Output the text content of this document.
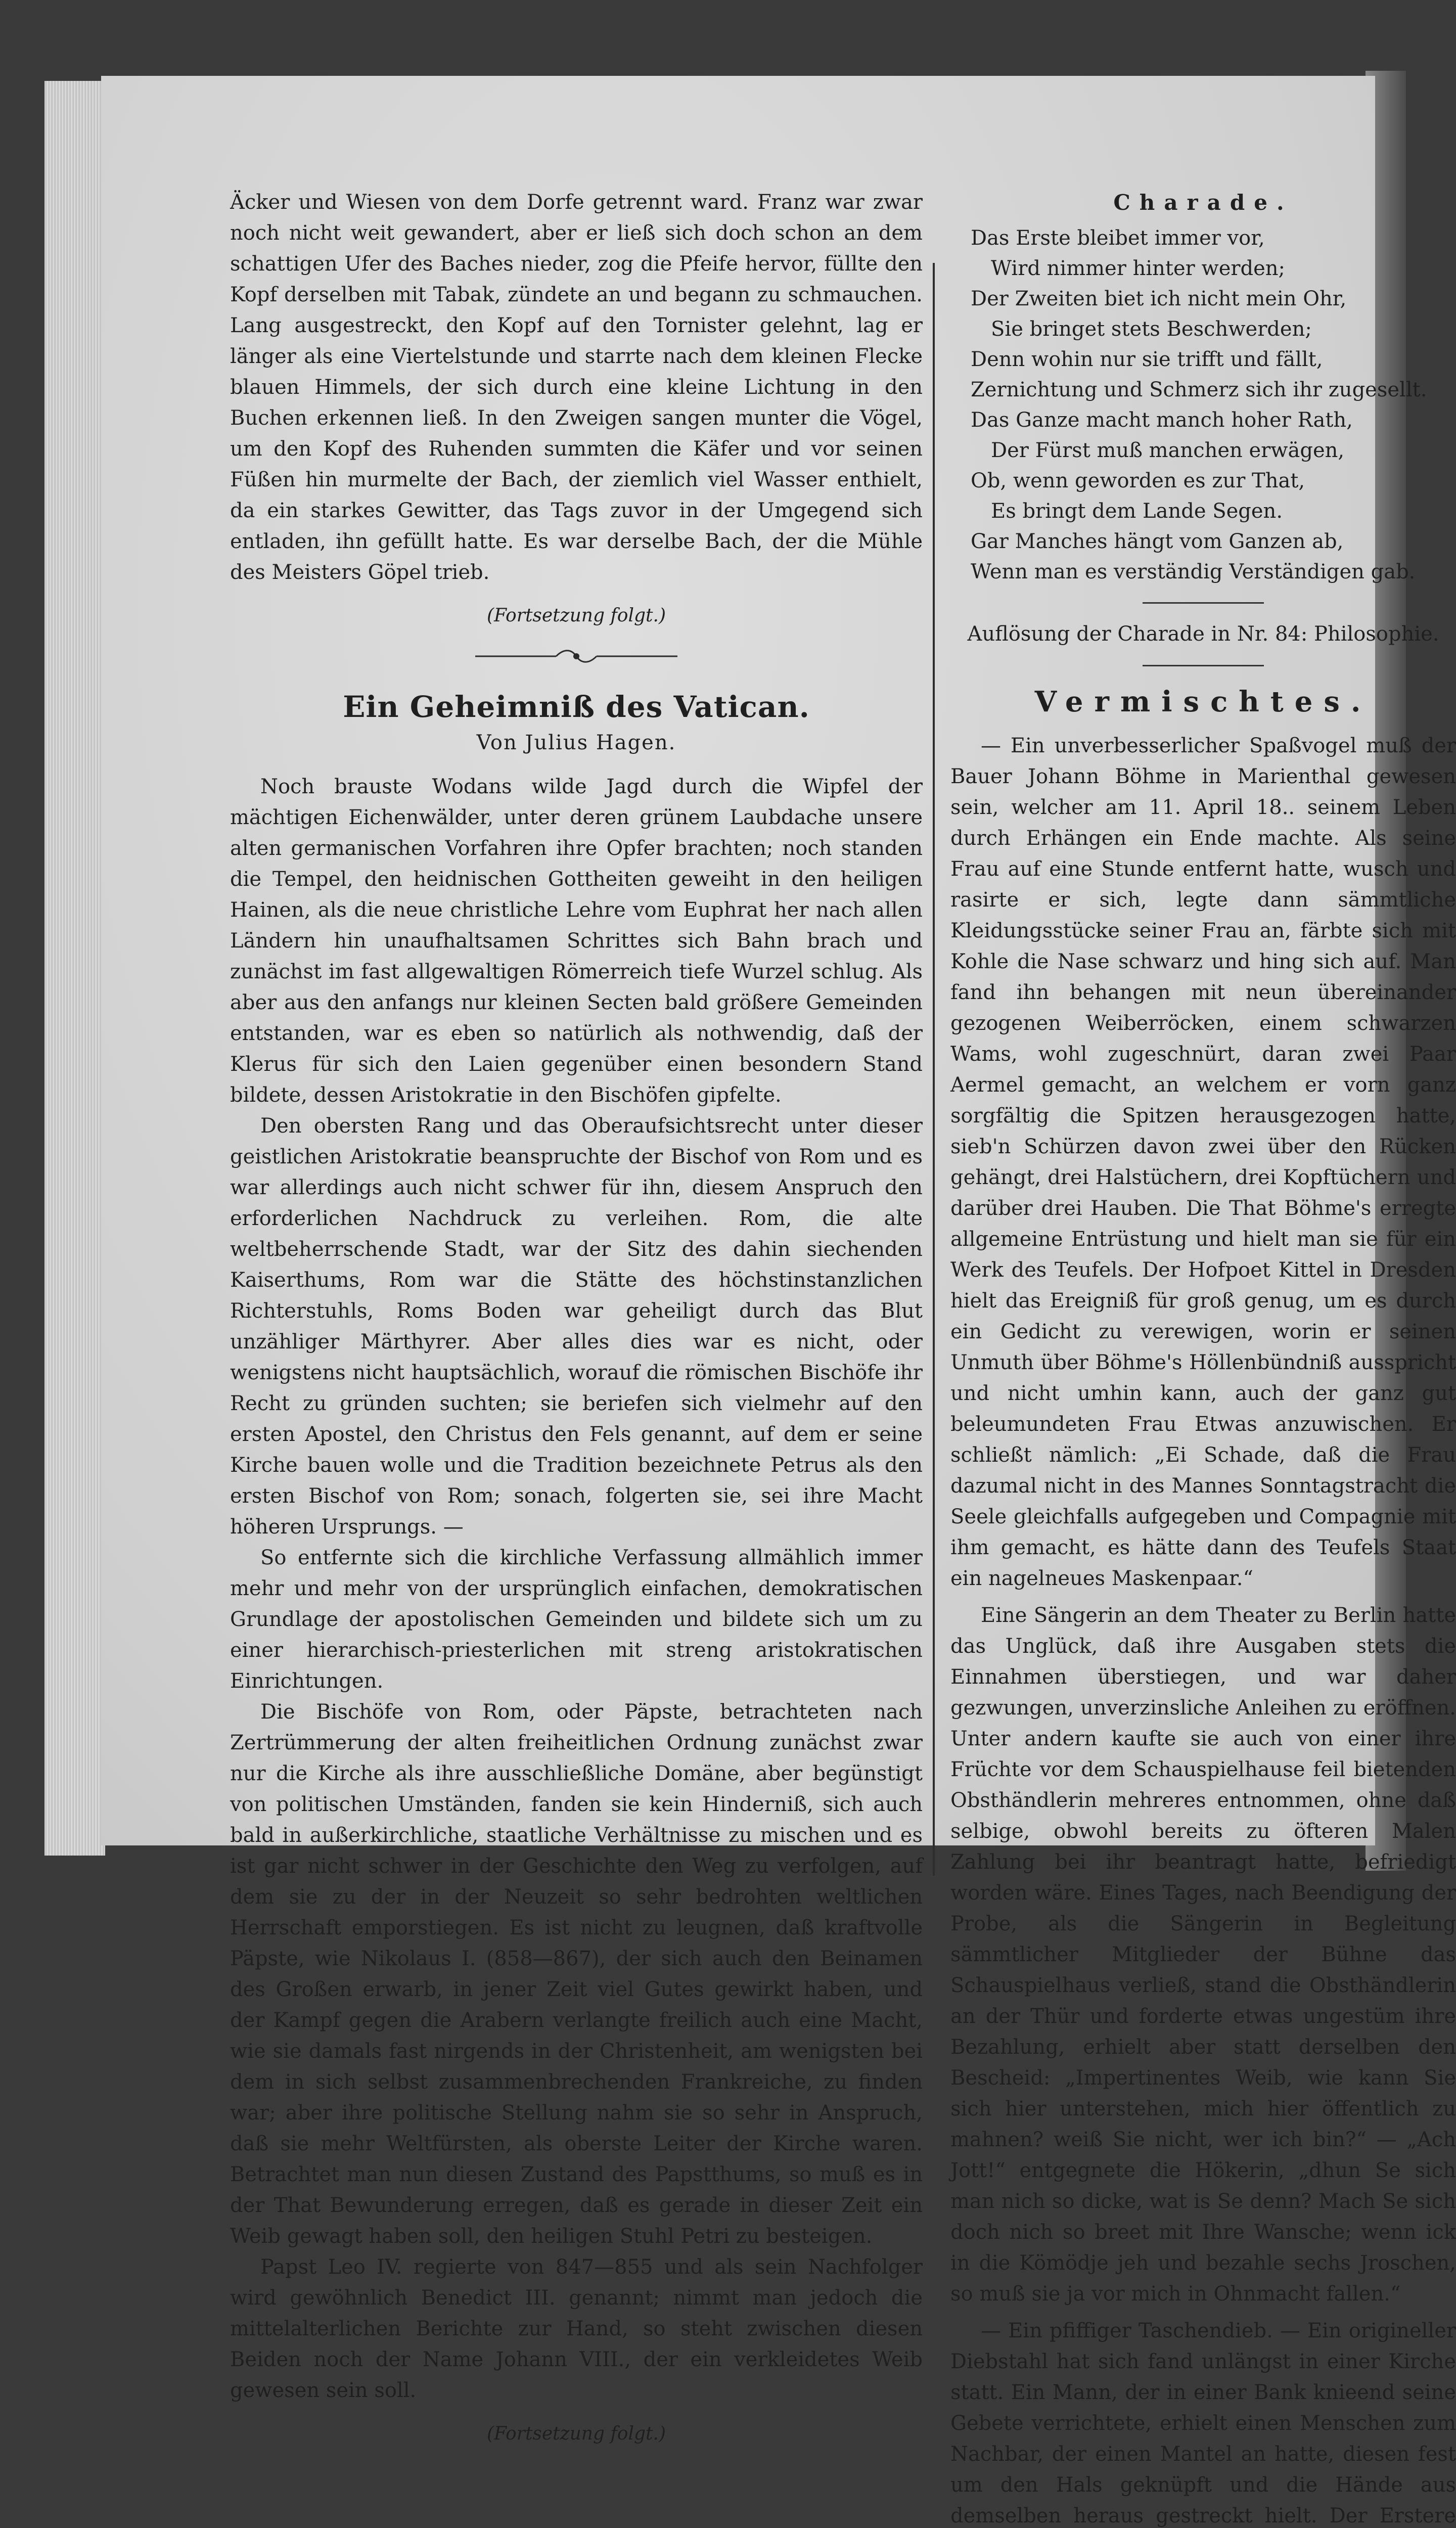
Äcker und Wiesen von dem Dorfe getrennt ward. Franz war zwar noch nicht weit gewandert, aber er ließ sich doch schon an dem schattigen Ufer des Baches nieder, zog die Pfeife hervor, füllte den Kopf derselben mit Tabak, zündete an und begann zu schmauchen. Lang ausgestreckt, den Kopf auf den Tornister gelehnt, lag er länger als eine Viertelstunde und starrte nach dem kleinen Flecke blauen Himmels, der sich durch eine kleine Lichtung in den Buchen erkennen ließ. In den Zweigen sangen munter die Vögel, um den Kopf des Ruhenden summten die Käfer und vor seinen Füßen hin murmelte der Bach, der ziemlich viel Wasser enthielt, da ein starkes Gewitter, das Tags zuvor in der Umgegend sich entladen, ihn gefüllt hatte. Es war derselbe Bach, der die Mühle des Meisters Göpel trieb.

(Fortsetzung folgt.)

Ein Geheimniß des Vatican.

Von Julius Hagen.

Noch brauste Wodans wilde Jagd durch die Wipfel der mächtigen Eichenwälder, unter deren grünem Laubdache unsere alten germanischen Vorfahren ihre Opfer brachten; noch standen die Tempel, den heidnischen Gottheiten geweiht in den heiligen Hainen, als die neue christliche Lehre vom Euphrat her nach allen Ländern hin unaufhaltsamen Schrittes sich Bahn brach und zunächst im fast allgewaltigen Römerreich tiefe Wurzel schlug. Als aber aus den anfangs nur kleinen Secten bald größere Gemeinden entstanden, war es eben so natürlich als nothwendig, daß der Klerus für sich den Laien gegenüber einen besondern Stand bildete, dessen Aristokratie in den Bischöfen gipfelte.

Den obersten Rang und das Oberaufsichtsrecht unter dieser geistlichen Aristokratie beanspruchte der Bischof von Rom und es war allerdings auch nicht schwer für ihn, diesem Anspruch den erforderlichen Nachdruck zu verleihen. Rom, die alte weltbeherrschende Stadt, war der Sitz des dahin siechenden Kaiserthums, Rom war die Stätte des höchstinstanzlichen Richterstuhls, Roms Boden war geheiligt durch das Blut unzähliger Märthyrer. Aber alles dies war es nicht, oder wenigstens nicht hauptsächlich, worauf die römischen Bischöfe ihr Recht zu gründen suchten; sie beriefen sich vielmehr auf den ersten Apostel, den Christus den Fels genannt, auf dem er seine Kirche bauen wolle und die Tradition bezeichnete Petrus als den ersten Bischof von Rom; sonach, folgerten sie, sei ihre Macht höheren Ursprungs. —

So entfernte sich die kirchliche Verfassung allmählich immer mehr und mehr von der ursprünglich einfachen, demokratischen Grundlage der apostolischen Gemeinden und bildete sich um zu einer hierarchisch-priesterlichen mit streng aristokratischen Einrichtungen.

Die Bischöfe von Rom, oder Päpste, betrachteten nach Zertrümmerung der alten freiheitlichen Ordnung zunächst zwar nur die Kirche als ihre ausschließliche Domäne, aber begünstigt von politischen Umständen, fanden sie kein Hinderniß, sich auch bald in außerkirchliche, staatliche Verhältnisse zu mischen und es ist gar nicht schwer in der Geschichte den Weg zu verfolgen, auf dem sie zu der in der Neuzeit so sehr bedrohten weltlichen Herrschaft emporstiegen. Es ist nicht zu leugnen, daß kraftvolle Päpste, wie Nikolaus I. (858—867), der sich auch den Beinamen des Großen erwarb, in jener Zeit viel Gutes gewirkt haben, und der Kampf gegen die Arabern verlangte freilich auch eine Macht, wie sie damals fast nirgends in der Christenheit, am wenigsten bei dem in sich selbst zusammenbrechenden Frankreiche, zu finden war; aber ihre politische Stellung nahm sie so sehr in Anspruch, daß sie mehr Weltfürsten, als oberste Leiter der Kirche waren. Betrachtet man nun diesen Zustand des Papstthums, so muß es in der That Bewunderung erregen, daß es gerade in dieser Zeit ein Weib gewagt haben soll, den heiligen Stuhl Petri zu besteigen.

Papst Leo IV. regierte von 847—855 und als sein Nachfolger wird gewöhnlich Benedict III. genannt; nimmt man jedoch die mittelalterlichen Berichte zur Hand, so steht zwischen diesen Beiden noch der Name Johann VIII., der ein verkleidetes Weib gewesen sein soll.

(Fortsetzung folgt.)

Charade.
Das Erste bleibet immer vor,
Wird nimmer hinter werden;
Der Zweiten biet ich nicht mein Ohr,
Sie bringet stets Beschwerden;
Denn wohin nur sie trifft und fällt,
Zernichtung und Schmerz sich ihr zugesellt.
Das Ganze macht manch hoher Rath,
Der Fürst muß manchen erwägen,
Ob, wenn geworden es zur That,
Es bringt dem Lande Segen.
Gar Manches hängt vom Ganzen ab,
Wenn man es verständig Verständigen gab.

Auflösung der Charade in Nr. 84: Philosophie.

Vermischtes.

— Ein unverbesserlicher Spaßvogel muß der Bauer Johann Böhme in Marienthal gewesen sein, welcher am 11. April 18.. seinem Leben durch Erhängen ein Ende machte. Als seine Frau auf eine Stunde entfernt hatte, wusch und rasirte er sich, legte dann sämmtliche Kleidungsstücke seiner Frau an, färbte sich mit Kohle die Nase schwarz und hing sich auf. Man fand ihn behangen mit neun übereinander gezogenen Weiberröcken, einem schwarzen Wams, wohl zugeschnürt, daran zwei Paar Aermel gemacht, an welchem er vorn ganz sorgfältig die Spitzen herausgezogen hatte, sieb'n Schürzen davon zwei über den Rücken gehängt, drei Halstüchern, drei Kopftüchern und darüber drei Hauben. Die That Böhme's erregte allgemeine Entrüstung und hielt man sie für ein Werk des Teufels. Der Hofpoet Kittel in Dresden hielt das Ereigniß für groß genug, um es durch ein Gedicht zu verewigen, worin er seinen Unmuth über Böhme's Höllenbündniß ausspricht und nicht umhin kann, auch der ganz gut beleumundeten Frau Etwas anzuwischen. Er schließt nämlich: „Ei Schade, daß die Frau dazumal nicht in des Mannes Sonntagstracht die Seele gleichfalls aufgegeben und Compagnie mit ihm gemacht, es hätte dann des Teufels Staat ein nagelneues Maskenpaar.“

Eine Sängerin an dem Theater zu Berlin hatte das Unglück, daß ihre Ausgaben stets die Einnahmen überstiegen, und war daher gezwungen, unverzinsliche Anleihen zu eröffnen. Unter andern kaufte sie auch von einer ihre Früchte vor dem Schauspielhause feil bietenden Obsthändlerin mehreres entnommen, ohne daß selbige, obwohl bereits zu öfteren Malen Zahlung bei ihr beantragt hatte, befriedigt worden wäre. Eines Tages, nach Beendigung der Probe, als die Sängerin in Begleitung sämmtlicher Mitglieder der Bühne das Schauspielhaus verließ, stand die Obsthändlerin an der Thür und forderte etwas ungestüm ihre Bezahlung, erhielt aber statt derselben den Bescheid: „Impertinentes Weib, wie kann Sie sich hier unterstehen, mich hier öffentlich zu mahnen? weiß Sie nicht, wer ich bin?“ — „Ach Jott!“ entgegnete die Hökerin, „dhun Se sich man nich so dicke, wat is Se denn? Mach Se sich doch nich so breet mit Ihre Wansche; wenn ick in die Kömödje jeh und bezahle sechs Jroschen, so muß sie ja vor mich in Ohnmacht fallen.“

— Ein pfiffiger Taschendieb. — Ein origineller Diebstahl hat sich fand unlängst in einer Kirche statt. Ein Mann, der in einer Bank knieend seine Gebete verrichtete, erhielt einen Menschen zum Nachbar, der einen Mantel an hatte, diesen fest um den Hals geknüpft und die Hände aus demselben heraus gestreckt hielt. Der Erstere
